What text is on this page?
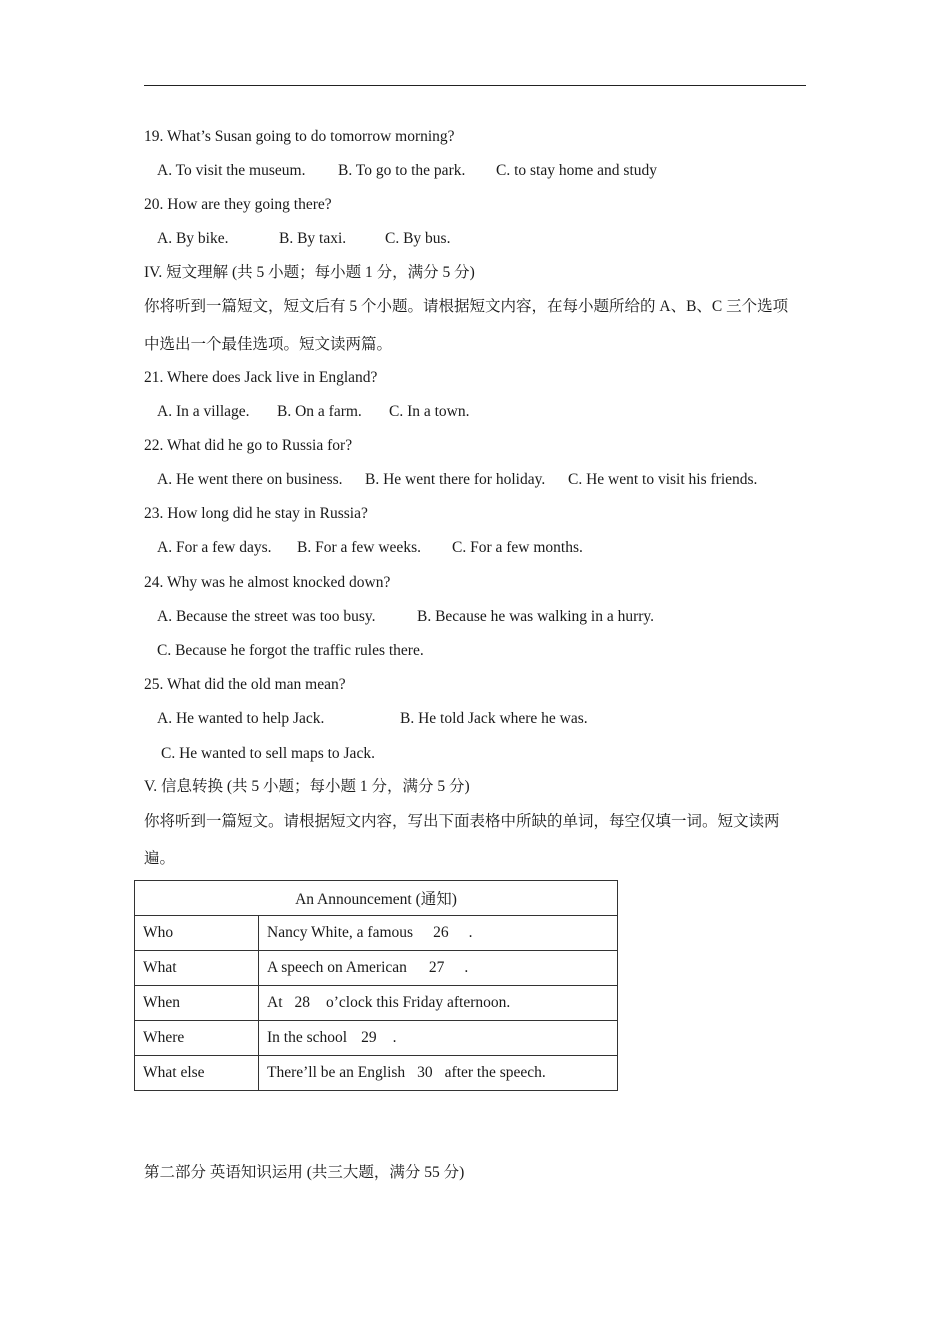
19. What’s Susan going to do tomorrow morning?
A. To visit the museum. B. To go to the park. C. to stay home and study
20. How are they going there?
A. By bike.	B. By taxi.	C. By bus.
IV. 短文理解 (共 5 小题；每小题 1 分，满分 5 分)
你将听到一篇短文，短文后有 5 个小题。请根据短文内容，在每小题所给的 A、B、C 三个选项
中选出一个最佳选项。短文读两篇。
21. Where does Jack live in England?
A. In a village. B. On a farm. C. In a town.
22. What did he go to Russia for?
A. He went there on business. B. He went there for holiday. C. He went to visit his friends.
23. How long did he stay in Russia?
A. For a few days. B. For a few weeks. C. For a few months.
24. Why was he almost knocked down?
A. Because the street was too busy.	B. Because he was walking in a hurry.
C. Because he forgot the traffic rules there.
25. What did the old man mean?
A. He wanted to help Jack.	B. He told Jack where he was.
C. He wanted to sell maps to Jack.
V. 信息转换 (共 5 小题；每小题 1 分，满分 5 分)
你将听到一篇短文。请根据短文内容，写出下面表格中所缺的单词，每空仅填一词。短文读两
遍。
An Announcement (通知)	
Who	Nancy White, a famous 26 .
What	A speech on American 27 .
When	At 28 o’clock this Friday afternoon.
Where	In the school 29 .
What else	There’ll be an English 30 after the speech.
第二部分 英语知识运用 (共三大题，满分 55 分)
